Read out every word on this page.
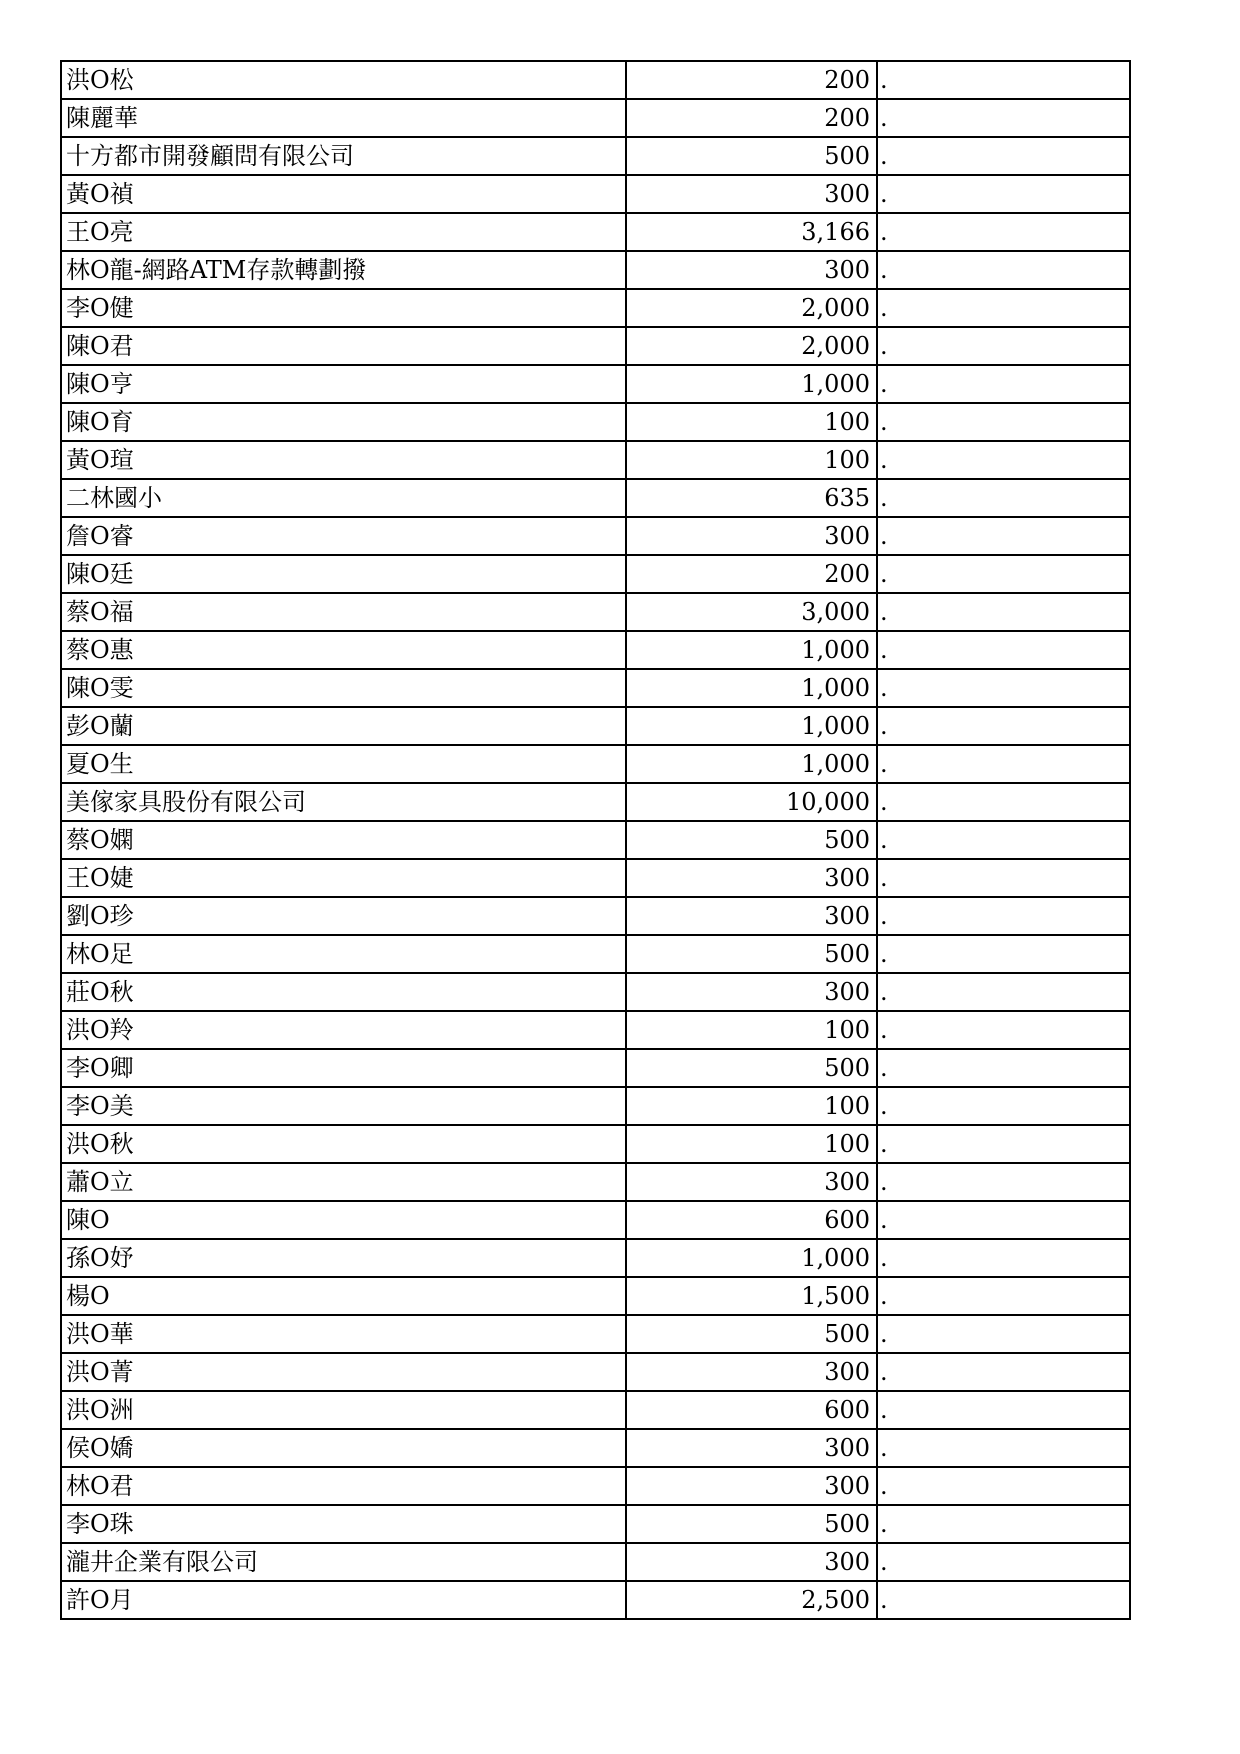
洪O松	200	.
陳麗華	200	.
十方都市開發顧問有限公司	500	.
黃O禎	300	.
王O亮	3,166	.
林O龍-網路ATM存款轉劃撥	300	.
李O健	2,000	.
陳O君	2,000	.
陳O亨	1,000	.
陳O育	100	.
黃O瑄	100	.
二林國小	635	.
詹O睿	300	.
陳O廷	200	.
蔡O福	3,000	.
蔡O惠	1,000	.
陳O雯	1,000	.
彭O蘭	1,000	.
夏O生	1,000	.
美傢家具股份有限公司	10,000	.
蔡O嫻	500	.
王O婕	300	.
劉O珍	300	.
林O足	500	.
莊O秋	300	.
洪O羚	100	.
李O卿	500	.
李O美	100	.
洪O秋	100	.
蕭O立	300	.
陳O	600	.
孫O妤	1,000	.
楊O	1,500	.
洪O華	500	.
洪O菁	300	.
洪O洲	600	.
侯O嬌	300	.
林O君	300	.
李O珠	500	.
瀧井企業有限公司	300	.
許O月	2,500	.
